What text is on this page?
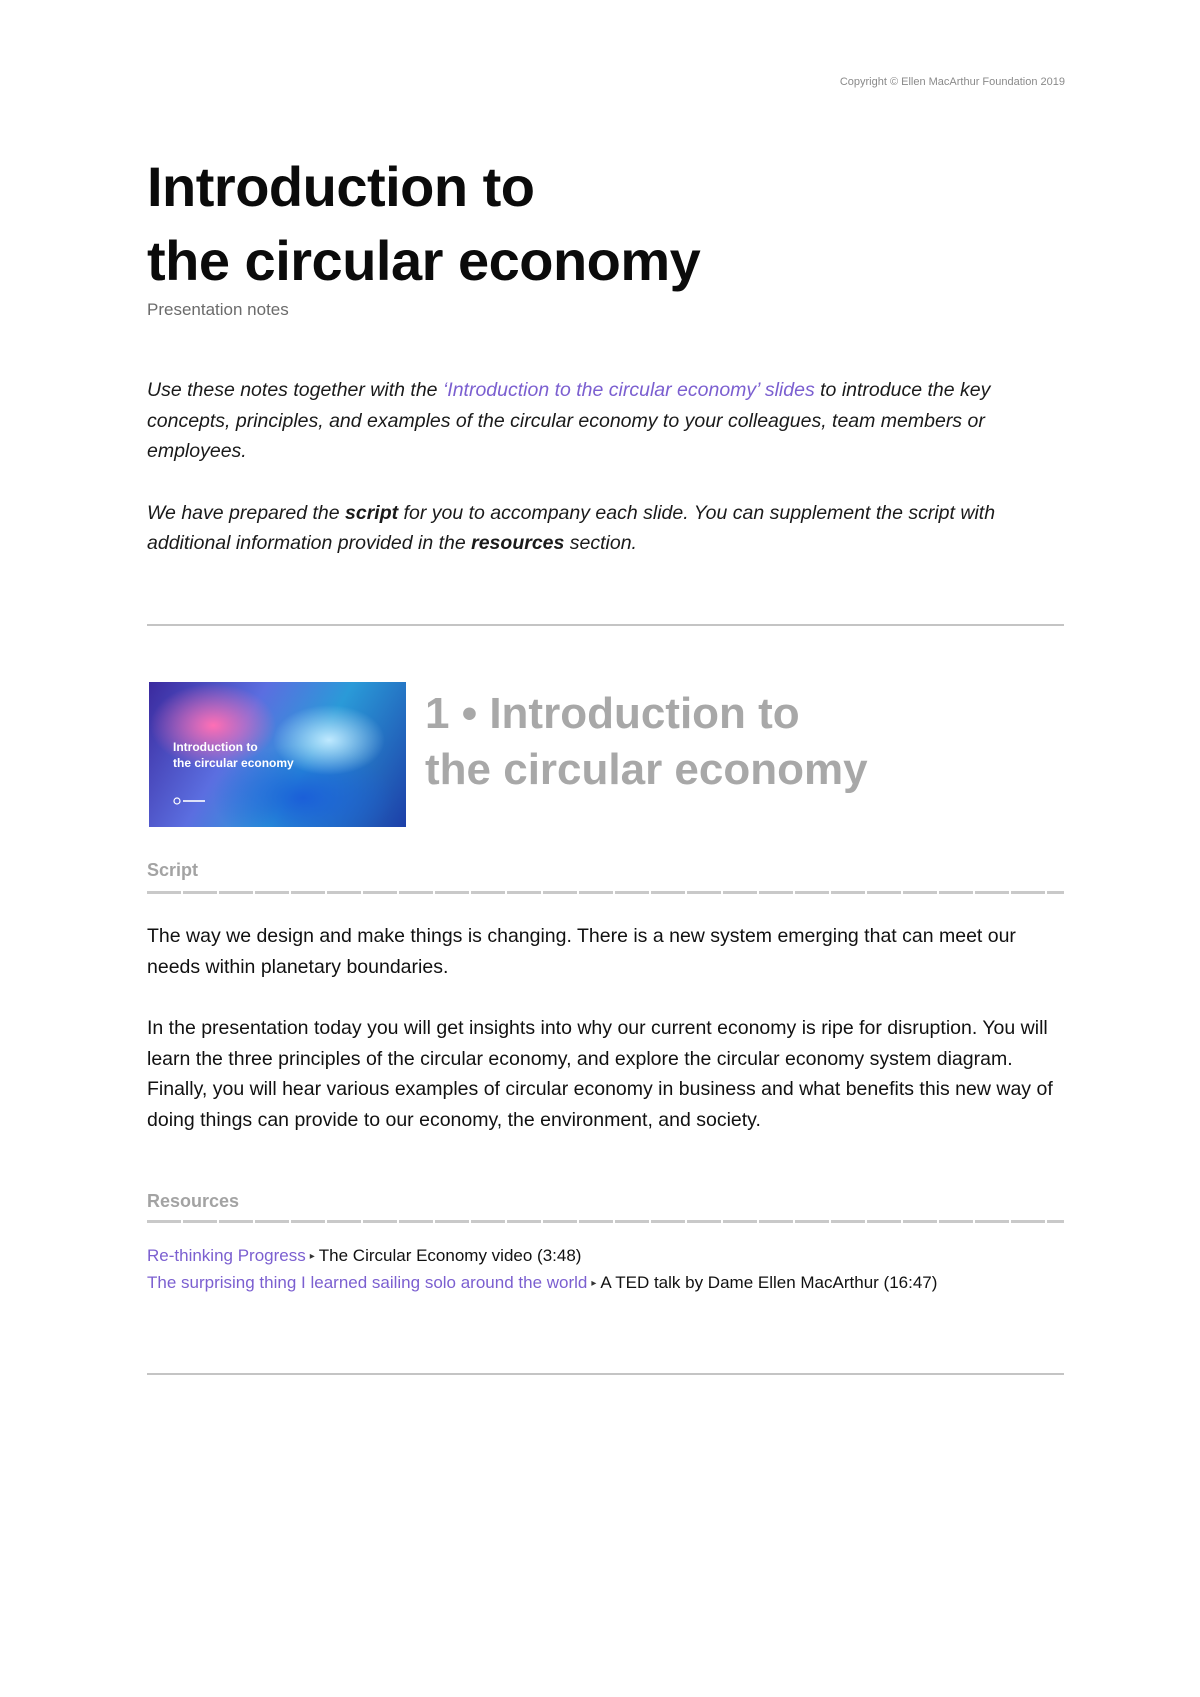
Copyright © Ellen MacArthur Foundation 2019
Introduction to
the circular economy
Presentation notes

Use these notes together with the ‘Introduction to the circular economy’ slides to introduce the key concepts, principles, and examples of the circular economy to your colleagues, team members or employees.

We have prepared the script for you to accompany each slide. You can supplement the script with additional information provided in the resources section.

Introduction to
the circular economy
1 • Introduction to
the circular economy
Script

The way we design and make things is changing. There is a new system emerging that can meet our needs within planetary boundaries.

In the presentation today you will get insights into why our current economy is ripe for disruption. You will learn the three principles of the circular economy, and explore the circular economy system diagram. Finally, you will hear various examples of circular economy in business and what benefits this new way of doing things can provide to our economy, the environment, and society.

Resources
Re-thinking Progress ▸ The Circular Economy video (3:48)
The surprising thing I learned sailing solo around the world ▸ A TED talk by Dame Ellen MacArthur (16:47)
